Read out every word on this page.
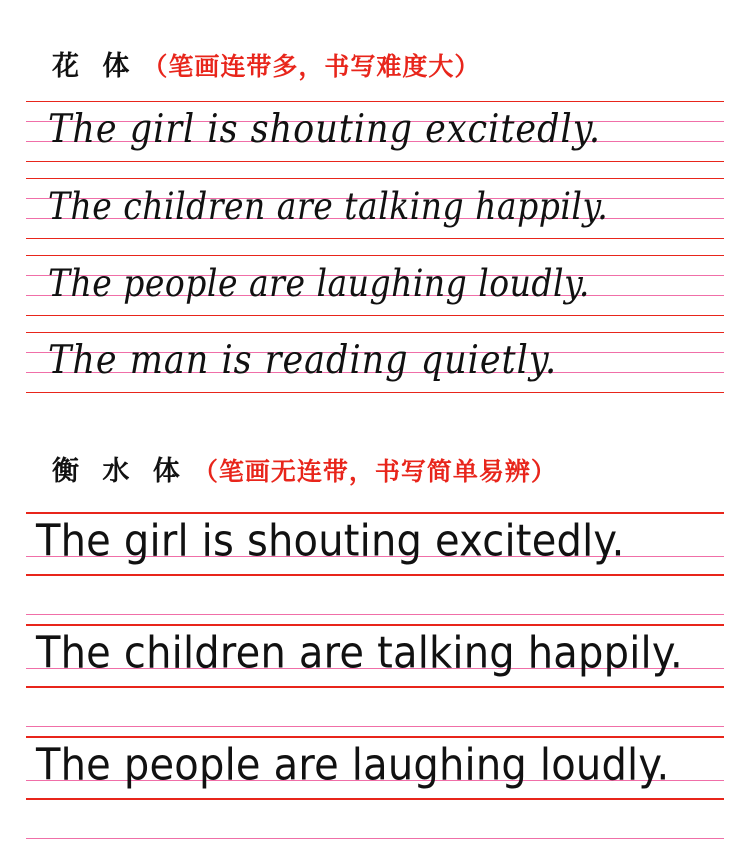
花 体 （笔画连带多，书写难度大）
The girl is shouting excitedly.
The children are talking happily.
The people are laughing loudly.
The man is reading quietly.
衡 水 体 （笔画无连带，书写简单易辨）
The girl is shouting excitedly.
The children are talking happily.
The people are laughing loudly.
